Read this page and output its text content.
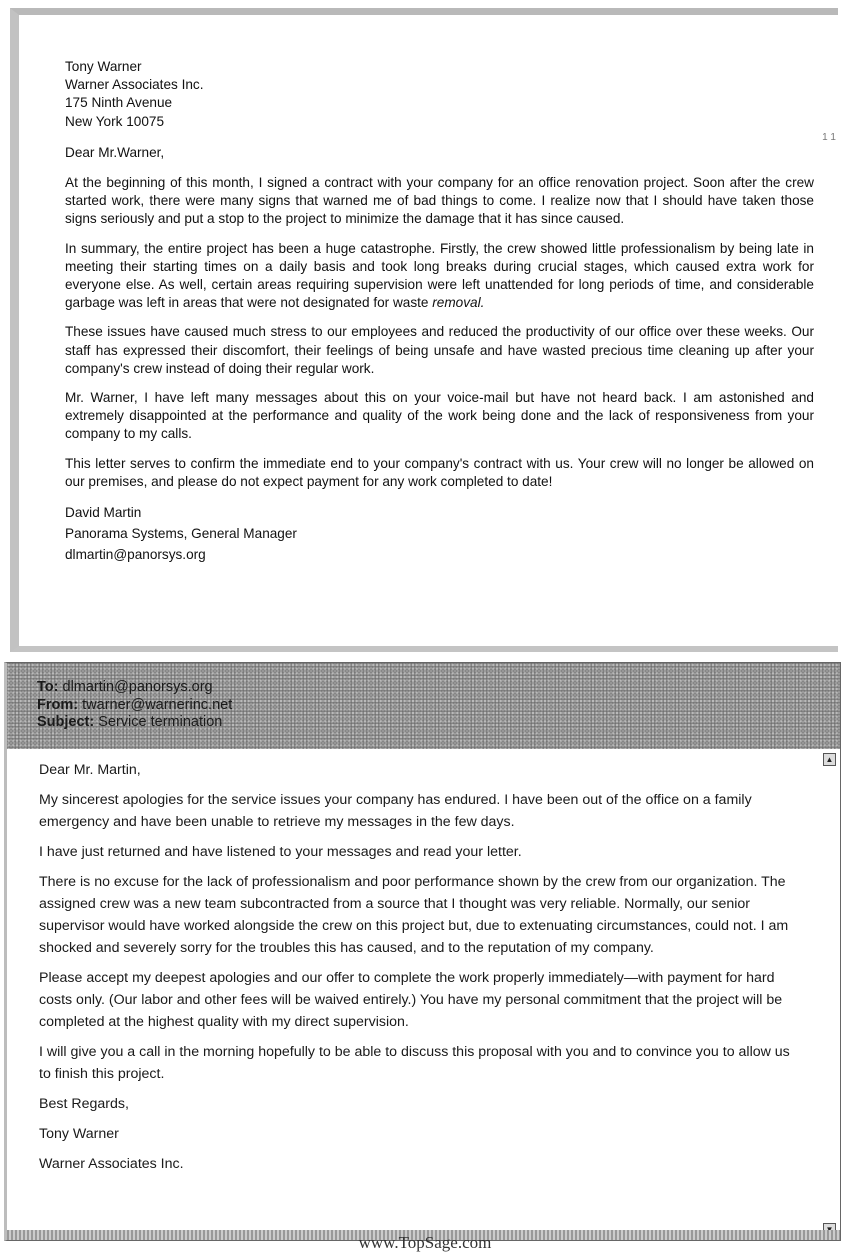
Tony Warner

Warner Associates Inc.

175 Ninth Avenue

New York 10075

Dear Mr.Warner,

At the beginning of this month, I signed a contract with your company for an office renovation project. Soon after the crew started work, there were many signs that warned me of bad things to come. I realize now that I should have taken those signs seriously and put a stop to the project to minimize the damage that it has since caused.

In summary, the entire project has been a huge catastrophe. Firstly, the crew showed little professionalism by being late in meeting their starting times on a daily basis and took long breaks during crucial stages, which caused extra work for everyone else. As well, certain areas requiring supervision were left unattended for long periods of time, and considerable garbage was left in areas that were not designated for waste removal.

These issues have caused much stress to our employees and reduced the productivity of our office over these weeks. Our staff has expressed their discomfort, their feelings of being unsafe and have wasted precious time cleaning up after your company's crew instead of doing their regular work.

Mr. Warner, I have left many messages about this on your voice-mail but have not heard back. I am astonished and extremely disappointed at the performance and quality of the work being done and the lack of responsiveness from your company to my calls.

This letter serves to confirm the immediate end to your company's contract with us. Your crew will no longer be allowed on our premises, and please do not expect payment for any work completed to date!

David Martin

Panorama Systems, General Manager

dlmartin@panorsys.org

1 1
To: dlmartin@panorsys.org
From: twarner@warnerinc.net
Subject: Service termination
▲

Dear Mr. Martin,

My sincerest apologies for the service issues your company has endured. I have been out of the office on a family emergency and have been unable to retrieve my messages in the few days.

I have just returned and have listened to your messages and read your letter.

There is no excuse for the lack of professionalism and poor performance shown by the crew from our organization. The assigned crew was a new team subcontracted from a source that I thought was very reliable. Normally, our senior supervisor would have worked alongside the crew on this project but, due to extenuating circumstances, could not. I am shocked and severely sorry for the troubles this has caused, and to the reputation of my company.

Please accept my deepest apologies and our offer to complete the work properly immediately—with payment for hard costs only. (Our labor and other fees will be waived entirely.) You have my personal commitment that the project will be completed at the highest quality with my direct supervision.

I will give you a call in the morning hopefully to be able to discuss this proposal with you and to convince you to allow us to finish this project.

Best Regards,

Tony Warner

Warner Associates Inc.

www.TopSage.com
